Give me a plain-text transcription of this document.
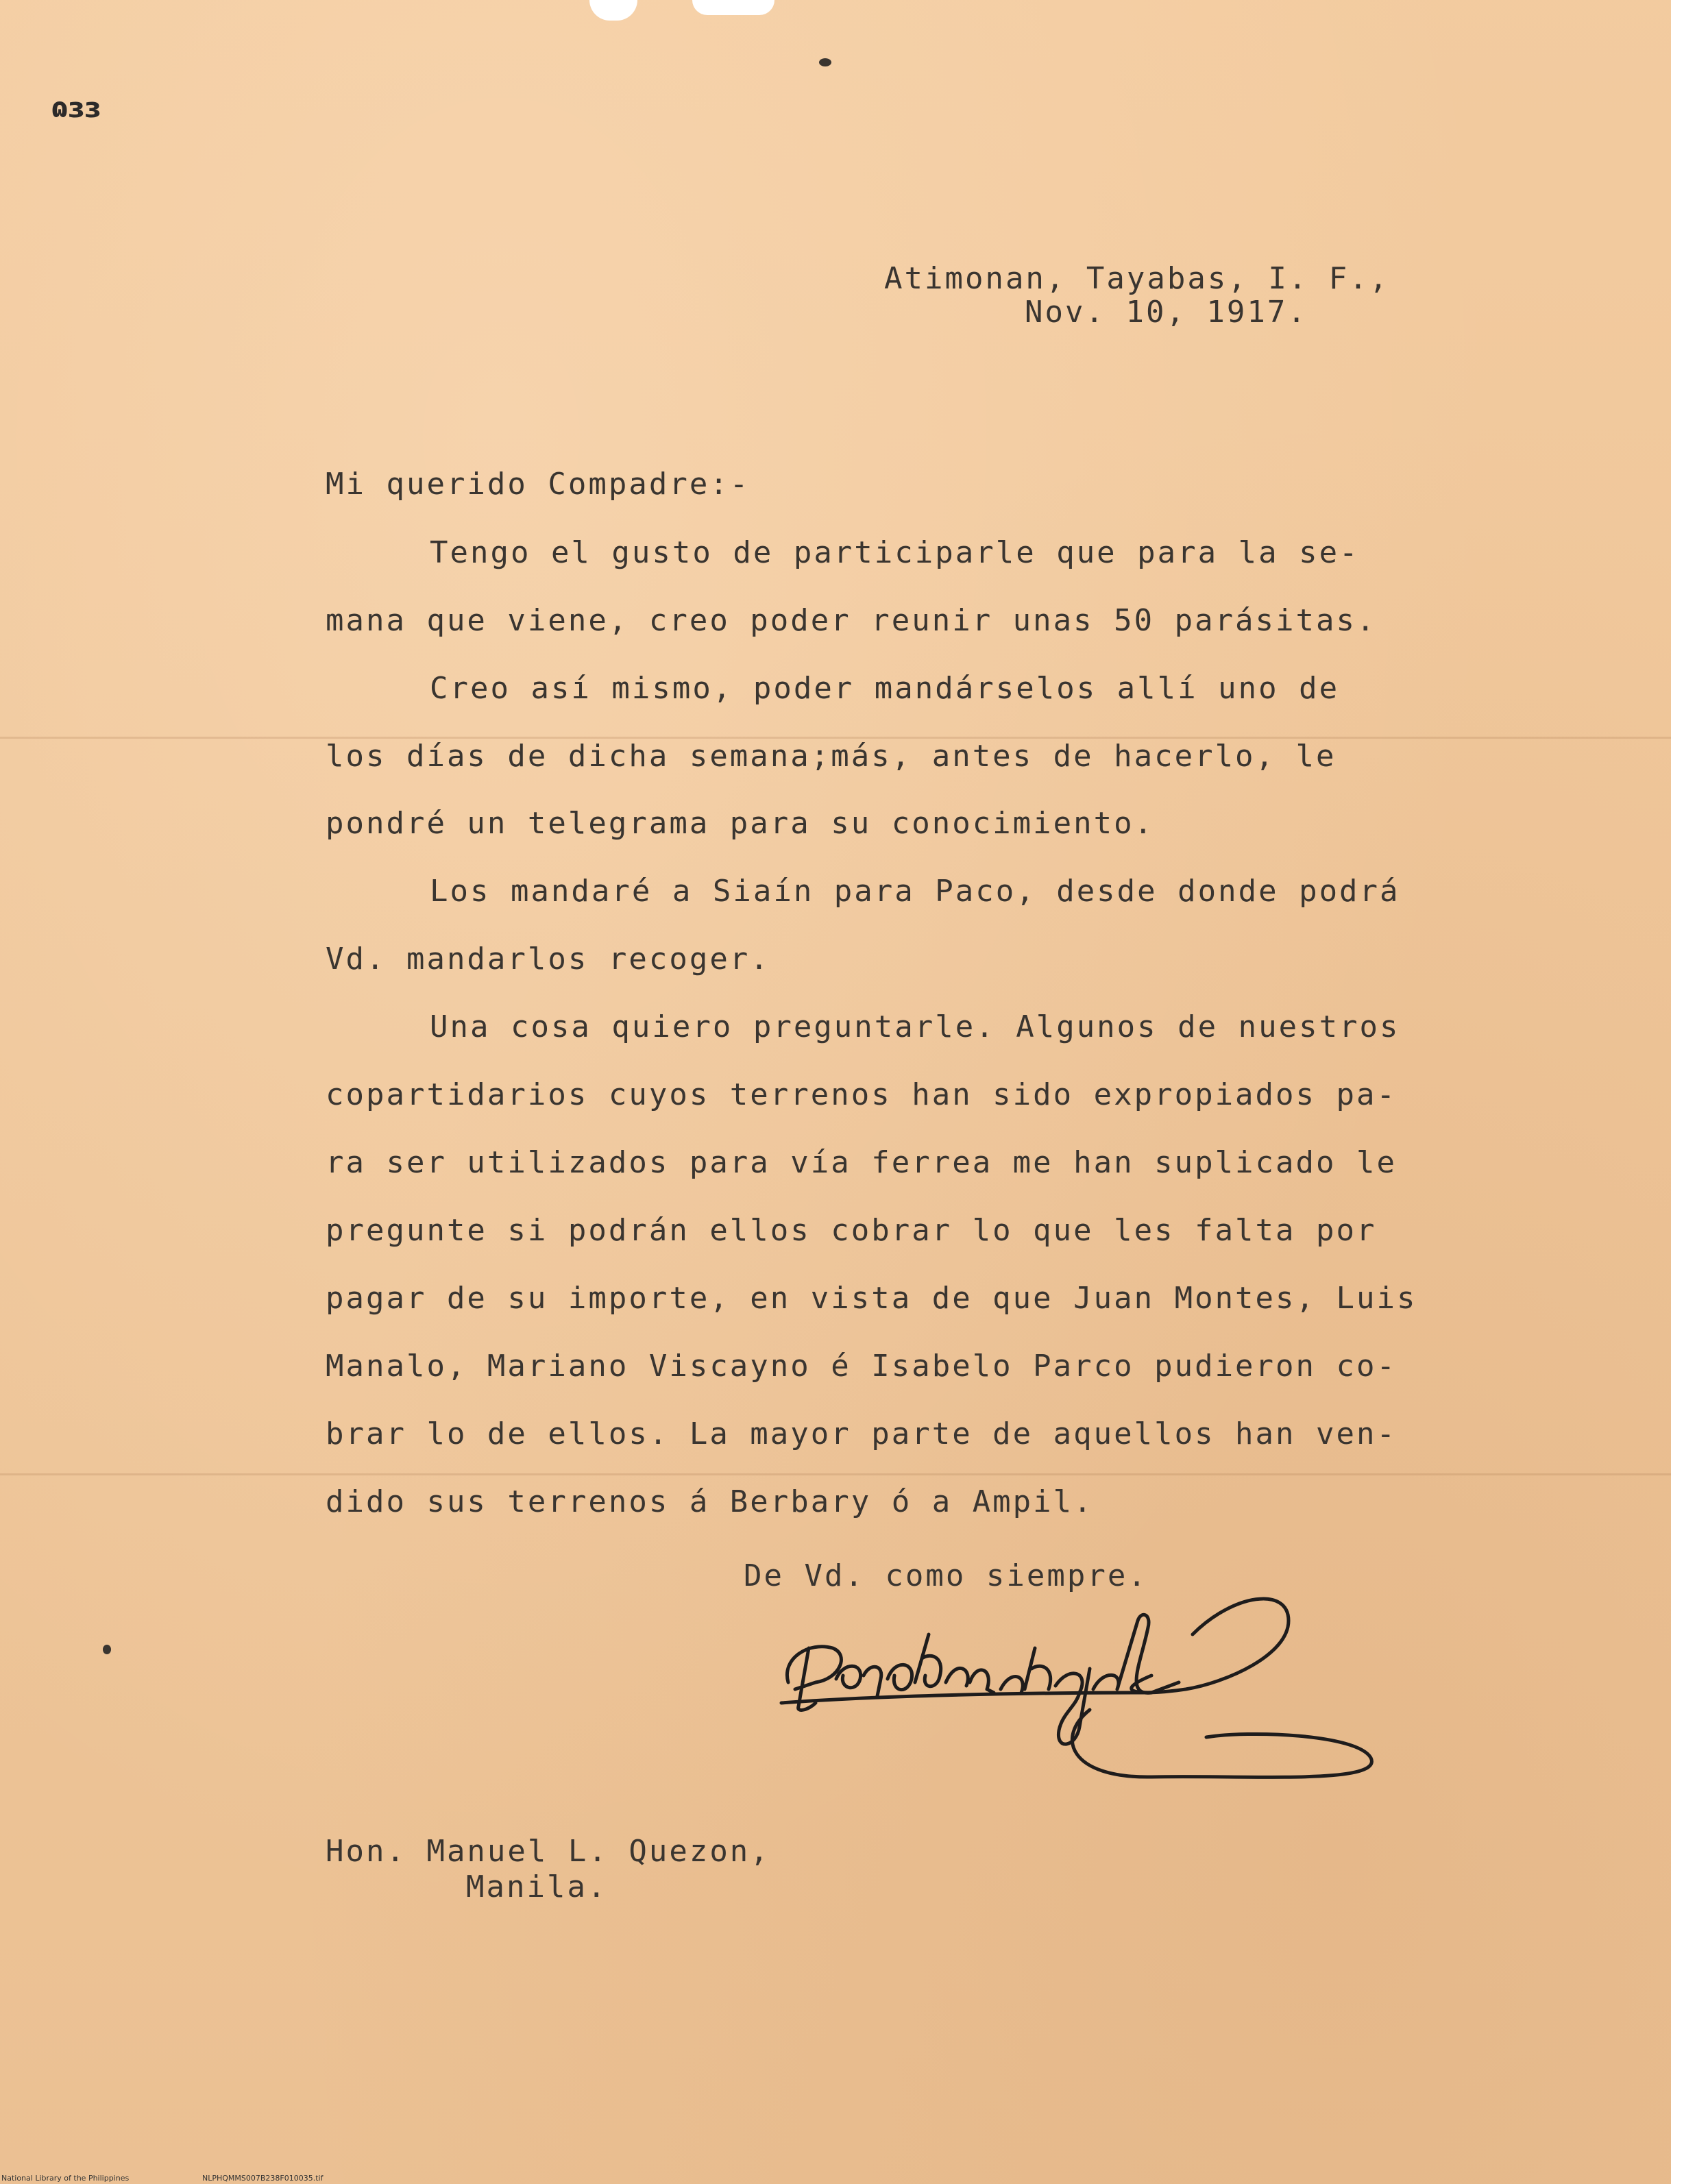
ɷɜɜ
Atimonan, Tayabas, I. F.,
Nov. 10, 1917.
Mi querido Compadre:-
Tengo el gusto de participarle que para la se-
mana que viene, creo poder reunir unas 50 parásitas.
Creo así mismo, poder mandárselos allí uno de
los días de dicha semana;más, antes de hacerlo, le
pondré un telegrama para su conocimiento.
Los mandaré a Siaín para Paco, desde donde podrá
Vd. mandarlos recoger.
Una cosa quiero preguntarle. Algunos de nuestros
copartidarios cuyos terrenos han sido expropiados pa-
ra ser utilizados para vía ferrea me han suplicado le
pregunte si podrán ellos cobrar lo que les falta por
pagar de su importe, en vista de que Juan Montes, Luis
Manalo, Mariano Viscayno é Isabelo Parco pudieron co-
brar lo de ellos. La mayor parte de aquellos han ven-
dido sus terrenos á Berbary ó a Ampil.
De Vd. como siempre.
Hon. Manuel L. Quezon,
Manila.
National Library of the Philippines	NLPHQMMS007B238F010035.tif
